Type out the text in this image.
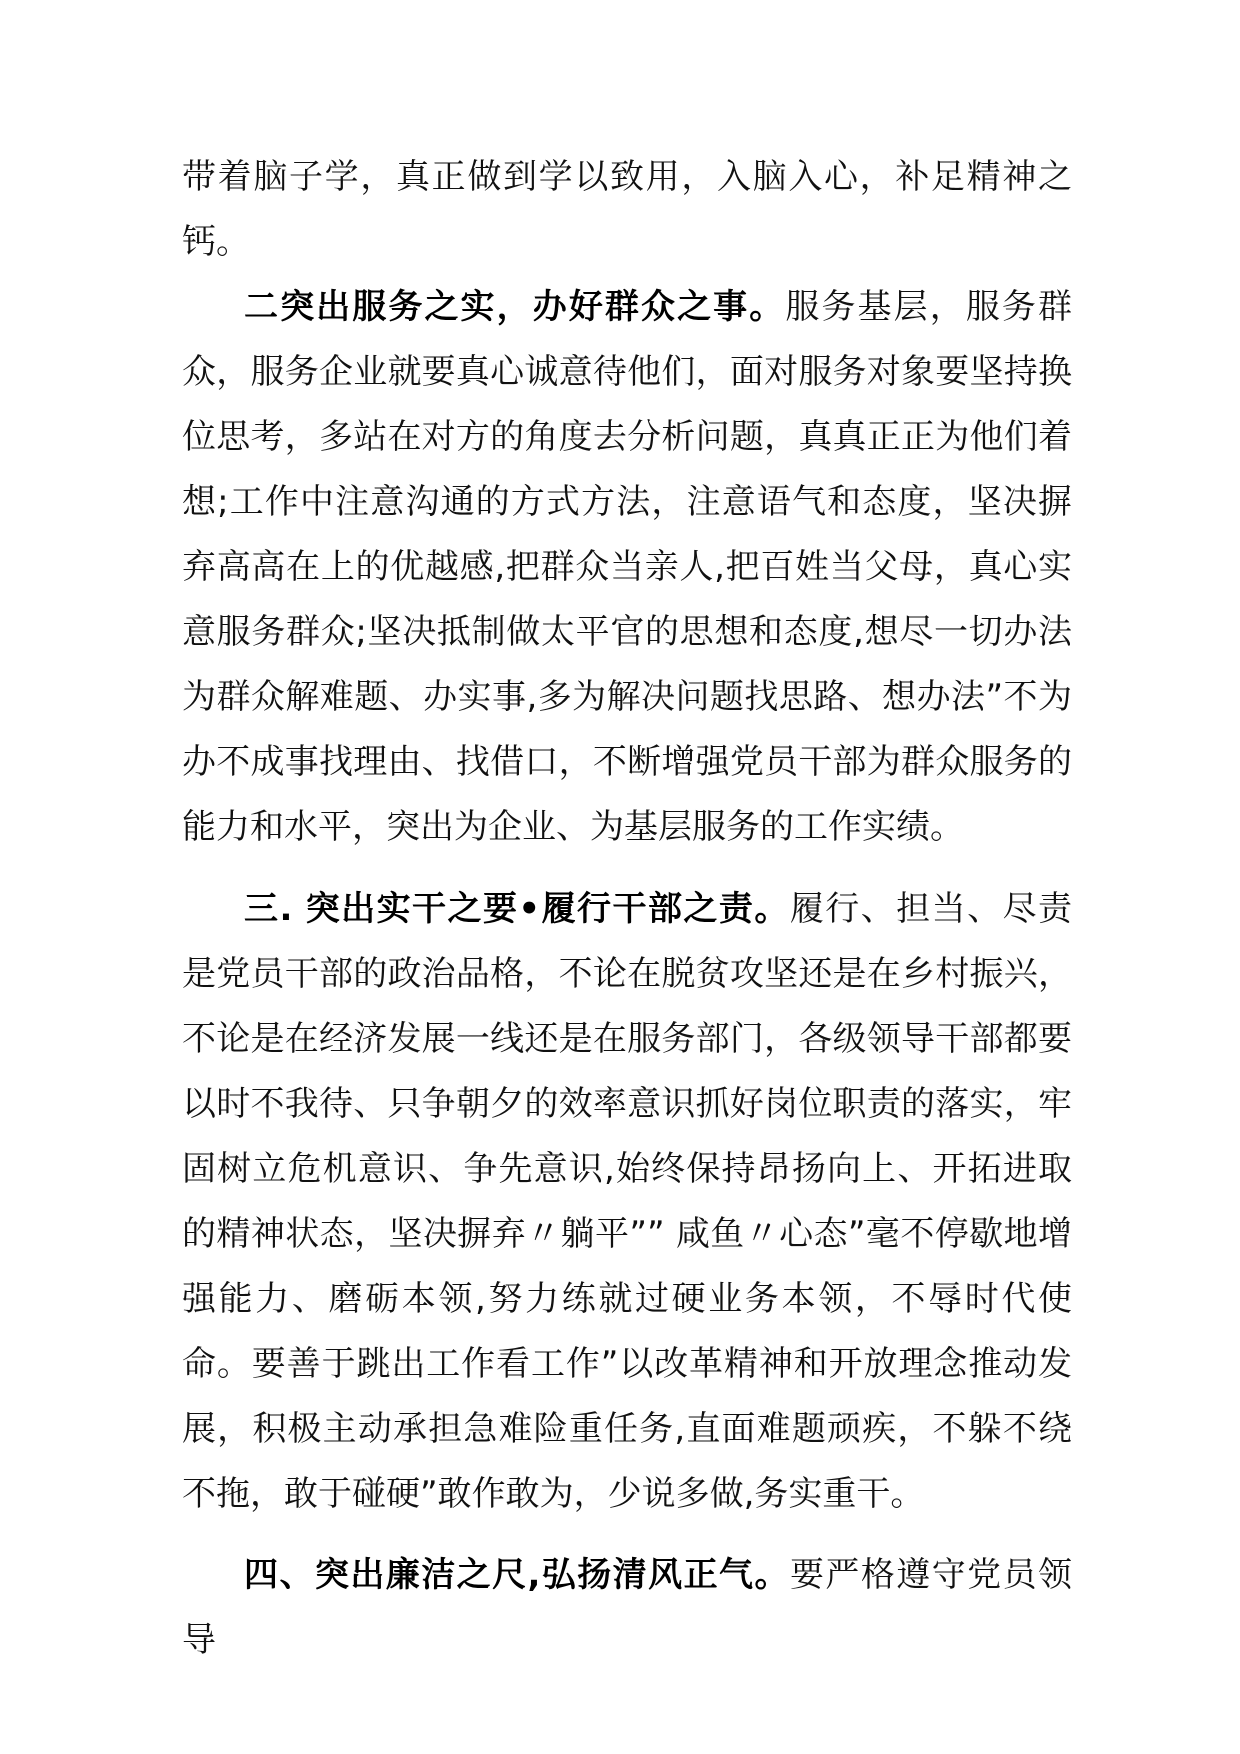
带着脑子学，真正做到学以致用，入脑入心，补足精神之钙。

二突出服务之实，办好群众之事。服务基层，服务群众，服务企业就要真心诚意待他们，面对服务对象要坚持换位思考，多站在对方的角度去分析问题，真真正正为他们着想;工作中注意沟通的方式方法，注意语气和态度，坚决摒弃高高在上的优越感,把群众当亲人,把百姓当父母，真心实意服务群众;坚决抵制做太平官的思想和态度,想尽一切办法为群众解难题、办实事,多为解决问题找思路、想办法”不为办不成事找理由、找借口，不断增强党员干部为群众服务的能力和水平，突出为企业、为基层服务的工作实绩。

三. 突出实干之要•履行干部之责。履行、担当、尽责是党员干部的政治品格，不论在脱贫攻坚还是在乡村振兴，不论是在经济发展一线还是在服务部门，各级领导干部都要以时不我待、只争朝夕的效率意识抓好岗位职责的落实，牢固树立危机意识、争先意识,始终保持昂扬向上、开拓进取的精神状态，坚决摒弃〃躺平”” 咸鱼〃心态”毫不停歇地增强能力、磨砺本领,努力练就过硬业务本领，不辱时代使命。要善于跳出工作看工作”以改革精神和开放理念推动发展，积极主动承担急难险重任务,直面难题顽疾，不躲不绕不拖，敢于碰硬”敢作敢为，少说多做,务实重干。

四、突出廉洁之尺,弘扬清风正气。要严格遵守党员领导
